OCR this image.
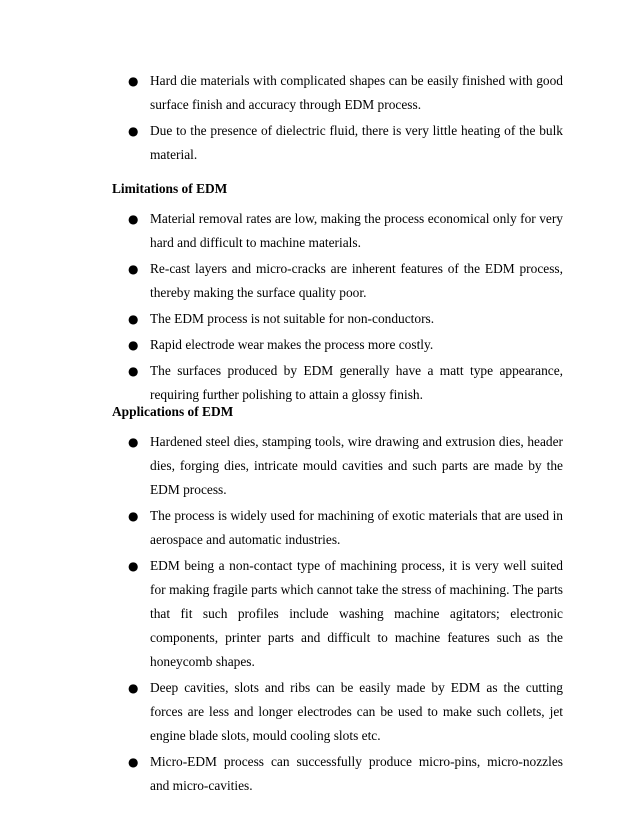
● Hard die materials with complicated shapes can be easily finished with good surface finish and accuracy through EDM process.
● Due to the presence of dielectric fluid, there is very little heating of the bulk material.
Limitations of EDM
● Material removal rates are low, making the process economical only for very hard and difficult to machine materials.
● Re-cast layers and micro-cracks are inherent features of the EDM process, thereby making the surface quality poor.
● The EDM process is not suitable for non-conductors.
● Rapid electrode wear makes the process more costly.
● The surfaces produced by EDM generally have a matt type appearance, requiring further polishing to attain a glossy finish.
Applications of EDM
● Hardened steel dies, stamping tools, wire drawing and extrusion dies, header dies, forging dies, intricate mould cavities and such parts are made by the EDM process.
● The process is widely used for machining of exotic materials that are used in aerospace and automatic industries.
● EDM being a non-contact type of machining process, it is very well suited for making fragile parts which cannot take the stress of machining. The parts that fit such profiles include washing machine agitators; electronic components, printer parts and difficult to machine features such as the honeycomb shapes.
● Deep cavities, slots and ribs can be easily made by EDM as the cutting forces are less and longer electrodes can be used to make such collets, jet engine blade slots, mould cooling slots etc.
● Micro-EDM process can successfully produce micro-pins, micro-nozzles and micro-cavities.
